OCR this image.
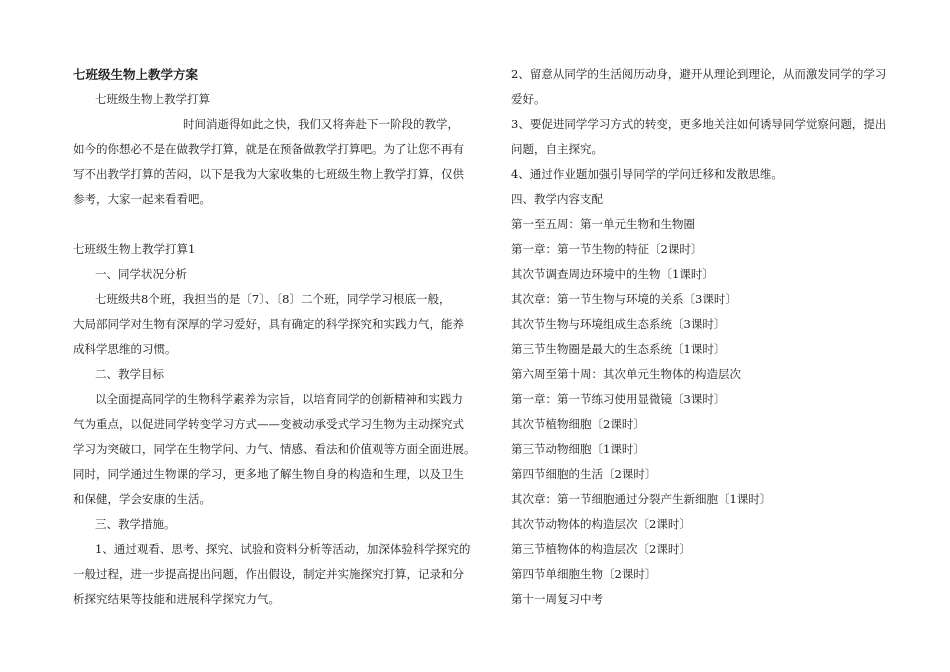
七班级生物上教学方案
七班级生物上教学打算
时间消逝得如此之快，我们又将奔赴下一阶段的教学，
如今的你想必不是在做教学打算，就是在预备做教学打算吧。为了让您不再有
写不出教学打算的苦闷，以下是我为大家收集的七班级生物上教学打算，仅供
参考，大家一起来看看吧。
七班级生物上教学打算1
一、同学状况分析
七班级共8个班，我担当的是〔7〕、〔8〕二个班，同学学习根底一般，
大局部同学对生物有深厚的学习爱好，具有确定的科学探究和实践力气，能养
成科学思维的习惯。
二、教学目标
以全面提高同学的生物科学素养为宗旨，以培育同学的创新精神和实践力
气为重点，以促进同学转变学习方式——变被动承受式学习生物为主动探究式
学习为突破口，同学在生物学问、力气、情感、看法和价值观等方面全面进展。
同时，同学通过生物课的学习，更多地了解生物自身的构造和生理，以及卫生
和保健，学会安康的生活。
三、教学措施。
1、通过观看、思考、探究、试验和资料分析等活动，加深体验科学探究的
一般过程，进一步提高提出问题，作出假设，制定并实施探究打算，记录和分
析探究结果等技能和进展科学探究力气。
2、留意从同学的生活阅历动身，避开从理论到理论，从而激发同学的学习
爱好。
3、要促进同学学习方式的转变，更多地关注如何诱导同学觉察问题，提出
问题，自主探究。
4、通过作业题加强引导同学的学问迁移和发散思维。
四、教学内容支配
第一至五周：第一单元生物和生物圈
第一章：第一节生物的特征〔2课时〕
其次节调查周边环境中的生物〔1课时〕
其次章：第一节生物与环境的关系〔3课时〕
其次节生物与环境组成生态系统〔3课时〕
第三节生物圈是最大的生态系统〔1课时〕
第六周至第十周：其次单元生物体的构造层次
第一章：第一节练习使用显微镜〔3课时〕
其次节植物细胞〔2课时〕
第三节动物细胞〔1课时〕
第四节细胞的生活〔2课时〕
其次章：第一节细胞通过分裂产生新细胞〔1课时〕
其次节动物体的构造层次〔2课时〕
第三节植物体的构造层次〔2课时〕
第四节单细胞生物〔2课时〕
第十一周复习中考
